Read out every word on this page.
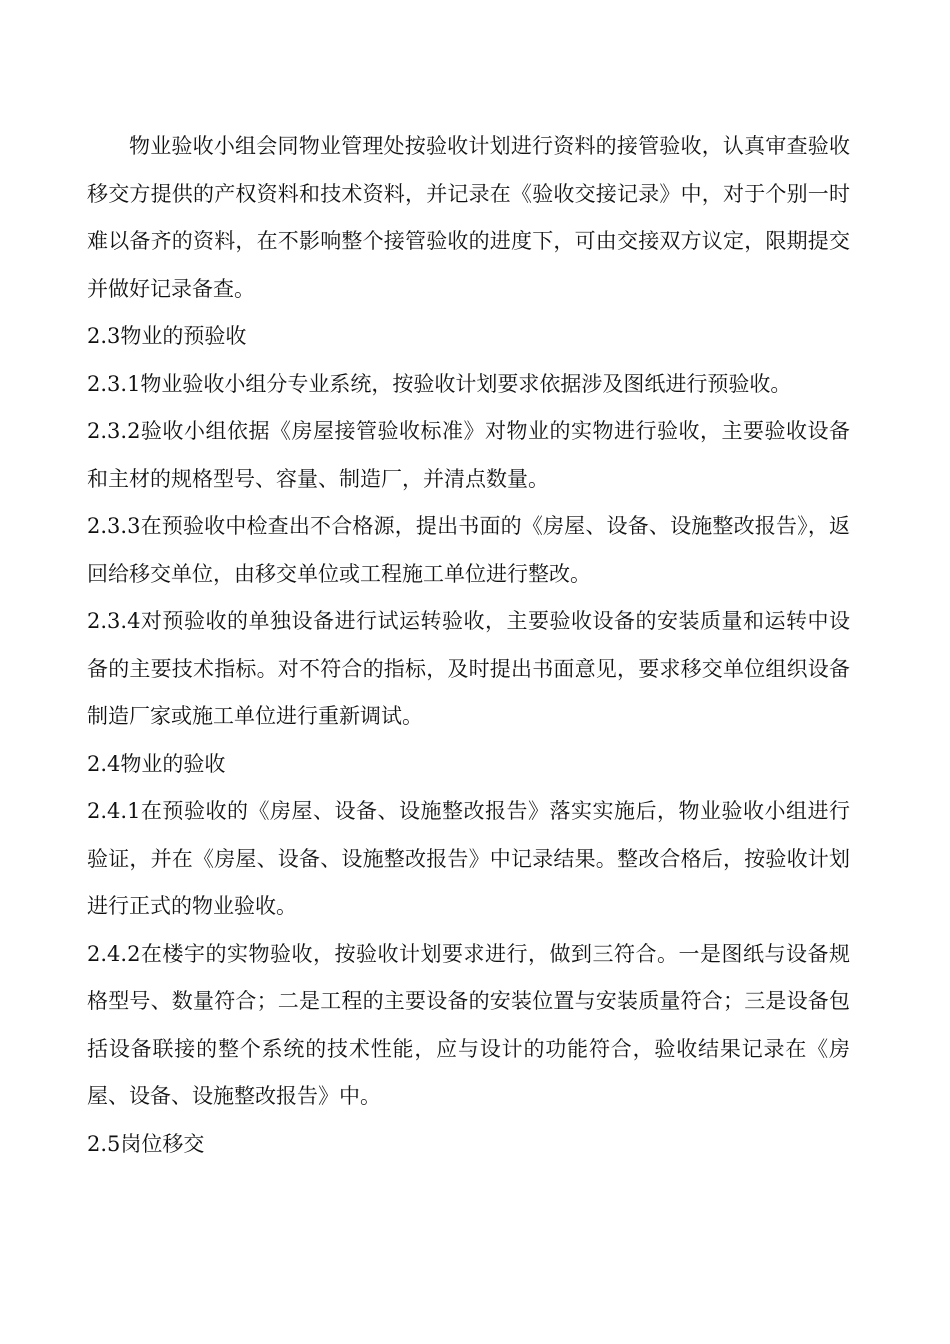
物业验收小组会同物业管理处按验收计划进行资料的接管验收，认真审查验收移交方提供的产权资料和技术资料，并记录在《验收交接记录》中，对于个别一时难以备齐的资料，在不影响整个接管验收的进度下，可由交接双方议定，限期提交并做好记录备查。

2.3物业的预验收

2.3.1物业验收小组分专业系统，按验收计划要求依据涉及图纸进行预验收。

2.3.2验收小组依据《房屋接管验收标准》对物业的实物进行验收，主要验收设备和主材的规格型号、容量、制造厂，并清点数量。

2.3.3在预验收中检查出不合格源，提出书面的《房屋、设备、设施整改报告》，返回给移交单位，由移交单位或工程施工单位进行整改。

2.3.4对预验收的单独设备进行试运转验收，主要验收设备的安装质量和运转中设备的主要技术指标。对不符合的指标，及时提出书面意见，要求移交单位组织设备制造厂家或施工单位进行重新调试。

2.4物业的验收

2.4.1在预验收的《房屋、设备、设施整改报告》落实实施后，物业验收小组进行验证，并在《房屋、设备、设施整改报告》中记录结果。整改合格后，按验收计划进行正式的物业验收。

2.4.2在楼宇的实物验收，按验收计划要求进行，做到三符合。一是图纸与设备规格型号、数量符合；二是工程的主要设备的安装位置与安装质量符合；三是设备包括设备联接的整个系统的技术性能，应与设计的功能符合，验收结果记录在《房屋、设备、设施整改报告》中。

2.5岗位移交
